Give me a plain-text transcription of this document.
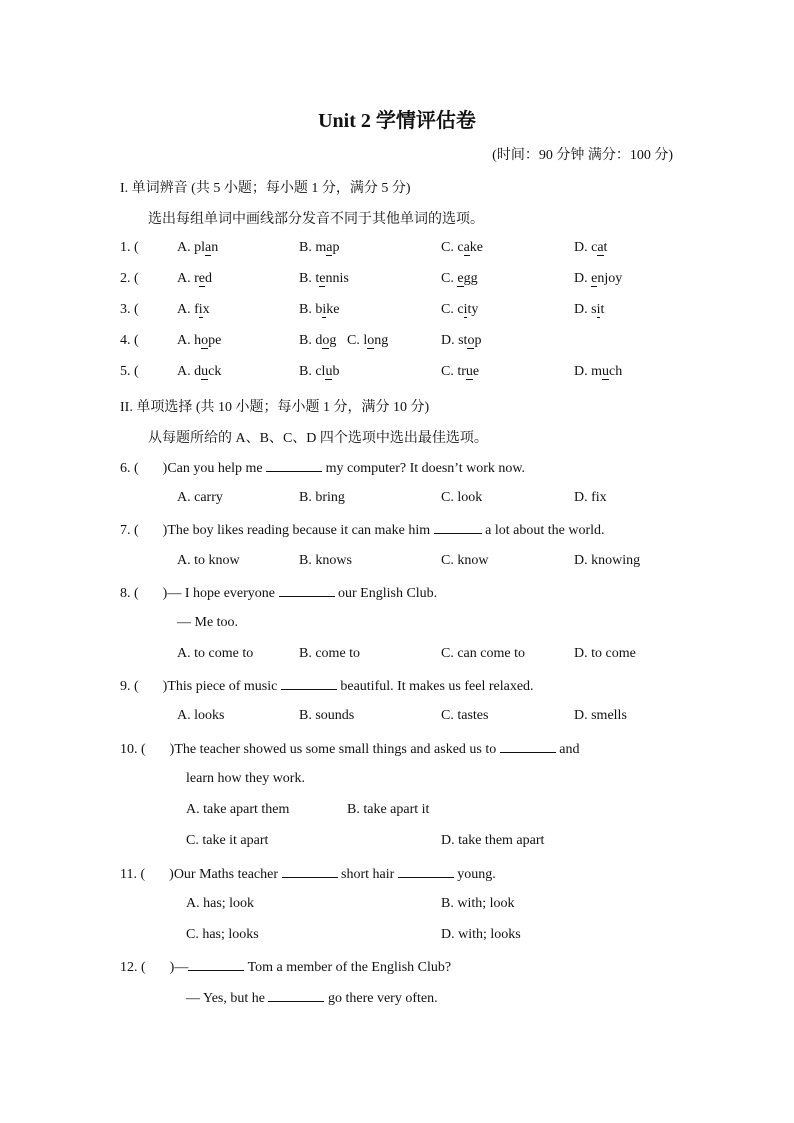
Unit 2 学情评估卷
(时间：90 分钟 满分：100 分)
I. 单词辨音 (共 5 小题；每小题 1 分，满分 5 分)
选出每组单词中画线部分发音不同于其他单词的选项。
1. (	A. plan	B. map	C. cake	D. cat
2. (	A. red	B. tennis	C. egg	D. enjoy
3. (	A. fix	B. bike	C. city	D. sit
4. (	A. hope	B. dog C. long	D. stop
5. (	A. duck	B. club	C. true	D. much
II. 单项选择 (共 10 小题；每小题 1 分，满分 10 分)
从每题所给的 A、B、C、D 四个选项中选出最佳选项。
6. ( )Can you help me	my computer? It doesn’t work now.
A. carry	B. bring	C. look	D. fix
7. ( )The boy likes reading because it can make him	a lot about the world.
A. to know	B. knows	C. know	D. knowing
8. ( )— I hope everyone	our English Club.
— Me too.
A. to come to	B. come to	C. can come to	D. to come
9. ( )This piece of music	beautiful. It makes us feel relaxed.
A. looks	B. sounds	C. tastes	D. smells
10. ( )The teacher showed us some small things and asked us to	and
learn how they work.
A. take apart them	B. take apart it
C. take it apart	D. take them apart
11. ( )Our Maths teacher	short hair	young.
A. has; look	B. with; look
C. has; looks	D. with; looks
12. ( )—	Tom a member of the English Club?
— Yes, but he	go there very often.
